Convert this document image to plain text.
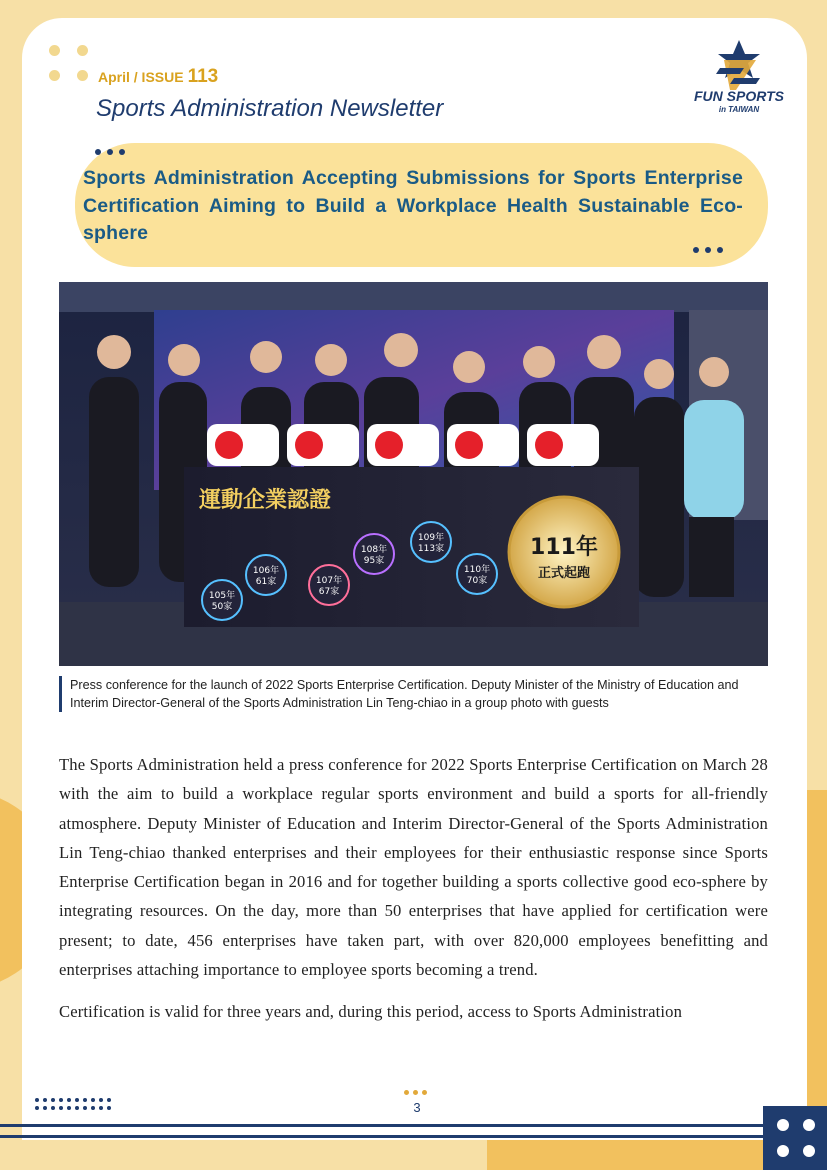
April / ISSUE 113
Sports Administration Newsletter	FUN SPORTS
in TAIWAN
Sports Administration Accepting Submissions for Sports Enterprise Certification Aiming to Build a Workplace Health Sustainable Eco-sphere
運動企業認證
105年
50家
106年
61家	107年
67家
108年
95家
109年
113家
110年
70家
111年
正式起跑
Press conference for the launch of 2022 Sports Enterprise Certification. Deputy Minister of the Ministry of Education and Interim Director-General of the Sports Administration Lin Teng-chiao in a group photo with guests

The Sports Administration held a press conference for 2022 Sports Enterprise Certification on March 28 with the aim to build a workplace regular sports environment and build a sports for all-friendly atmosphere. Deputy Minister of Education and Interim Director-General of the Sports Administration Lin Teng-chiao thanked enterprises and their employees for their enthusiastic response since Sports Enterprise Certification began in 2016 and for together building a sports collective good eco-sphere by integrating resources. On the day, more than 50 enterprises that have applied for certification were present; to date, 456 enterprises have taken part, with over 820,000 employees benefitting and enterprises attaching importance to employee sports becoming a trend.

Certification is valid for three years and, during this period, access to Sports Administration

3
